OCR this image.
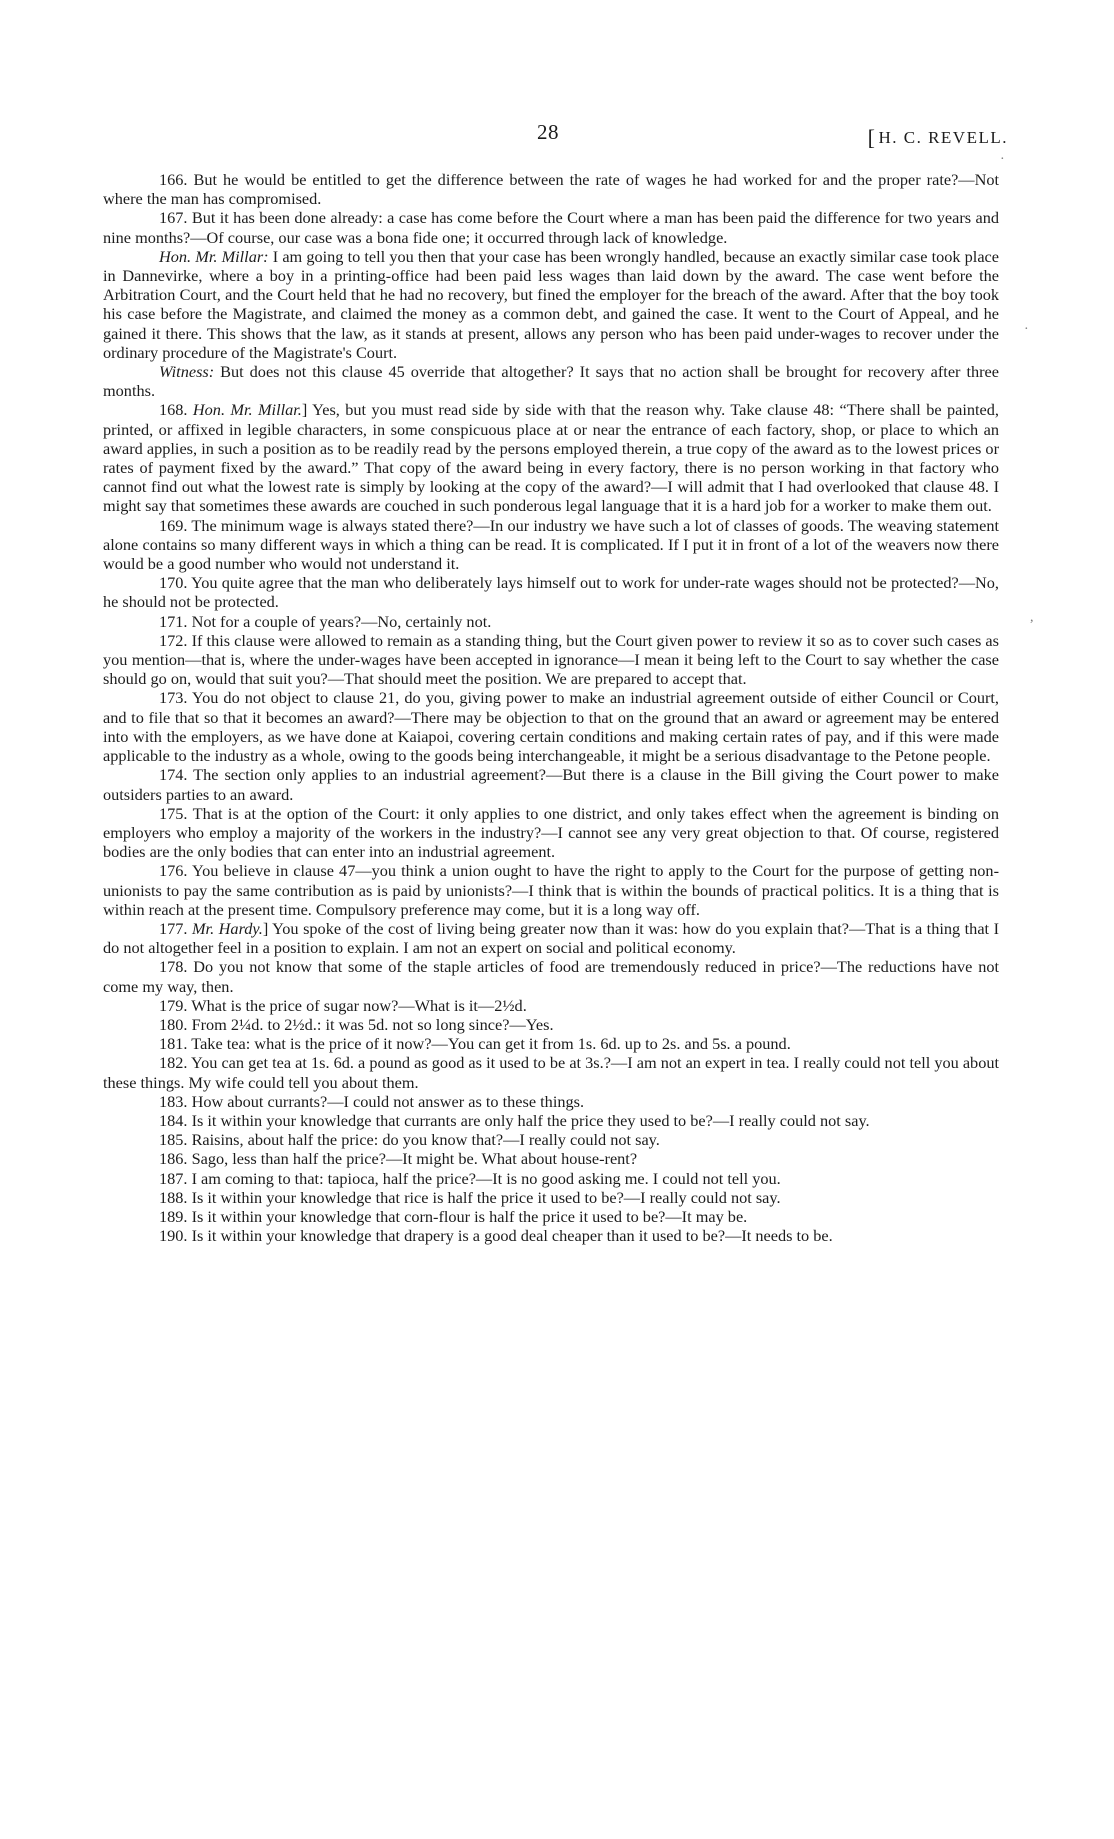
28	[ H. C. REVELL.
·
·
,

166. But he would be entitled to get the difference between the rate of wages he had worked for and the proper rate?—Not where the man has compromised.

167. But it has been done already: a case has come before the Court where a man has been paid the difference for two years and nine months?—Of course, our case was a bona fide one; it occurred through lack of knowledge.

Hon. Mr. Millar: I am going to tell you then that your case has been wrongly handled, because an exactly similar case took place in Dannevirke, where a boy in a printing-office had been paid less wages than laid down by the award. The case went before the Arbitration Court, and the Court held that he had no recovery, but fined the employer for the breach of the award. After that the boy took his case before the Magistrate, and claimed the money as a common debt, and gained the case. It went to the Court of Appeal, and he gained it there. This shows that the law, as it stands at present, allows any person who has been paid under-wages to recover under the ordinary procedure of the Magistrate's Court.

Witness: But does not this clause 45 override that altogether? It says that no action shall be brought for recovery after three months.

168. Hon. Mr. Millar.] Yes, but you must read side by side with that the reason why. Take clause 48: “There shall be painted, printed, or affixed in legible characters, in some conspicuous place at or near the entrance of each factory, shop, or place to which an award applies, in such a position as to be readily read by the persons employed therein, a true copy of the award as to the lowest prices or rates of payment fixed by the award.” That copy of the award being in every factory, there is no person working in that factory who cannot find out what the lowest rate is simply by looking at the copy of the award?—I will admit that I had overlooked that clause 48. I might say that sometimes these awards are couched in such ponderous legal language that it is a hard job for a worker to make them out.

169. The minimum wage is always stated there?—In our industry we have such a lot of classes of goods. The weaving statement alone contains so many different ways in which a thing can be read. It is complicated. If I put it in front of a lot of the weavers now there would be a good number who would not understand it.

170. You quite agree that the man who deliberately lays himself out to work for under-rate wages should not be protected?—No, he should not be protected.

171. Not for a couple of years?—No, certainly not.

172. If this clause were allowed to remain as a standing thing, but the Court given power to review it so as to cover such cases as you mention—that is, where the under-wages have been accepted in ignorance—I mean it being left to the Court to say whether the case should go on, would that suit you?—That should meet the position. We are prepared to accept that.

173. You do not object to clause 21, do you, giving power to make an industrial agreement outside of either Council or Court, and to file that so that it becomes an award?—There may be objection to that on the ground that an award or agreement may be entered into with the employers, as we have done at Kaiapoi, covering certain conditions and making certain rates of pay, and if this were made applicable to the industry as a whole, owing to the goods being interchangeable, it might be a serious disadvantage to the Petone people.

174. The section only applies to an industrial agreement?—But there is a clause in the Bill giving the Court power to make outsiders parties to an award.

175. That is at the option of the Court: it only applies to one district, and only takes effect when the agreement is binding on employers who employ a majority of the workers in the industry?—I cannot see any very great objection to that. Of course, registered bodies are the only bodies that can enter into an industrial agreement.

176. You believe in clause 47—you think a union ought to have the right to apply to the Court for the purpose of getting non-unionists to pay the same contribution as is paid by unionists?—I think that is within the bounds of practical politics. It is a thing that is within reach at the present time. Compulsory preference may come, but it is a long way off.

177. Mr. Hardy.] You spoke of the cost of living being greater now than it was: how do you explain that?—That is a thing that I do not altogether feel in a position to explain. I am not an expert on social and political economy.

178. Do you not know that some of the staple articles of food are tremendously reduced in price?—The reductions have not come my way, then.

179. What is the price of sugar now?—What is it—2½d.

180. From 2¼d. to 2½d.: it was 5d. not so long since?—Yes.

181. Take tea: what is the price of it now?—You can get it from 1s. 6d. up to 2s. and 5s. a pound.

182. You can get tea at 1s. 6d. a pound as good as it used to be at 3s.?—I am not an expert in tea. I really could not tell you about these things. My wife could tell you about them.

183. How about currants?—I could not answer as to these things.

184. Is it within your knowledge that currants are only half the price they used to be?—I really could not say.

185. Raisins, about half the price: do you know that?—I really could not say.

186. Sago, less than half the price?—It might be. What about house-rent?

187. I am coming to that: tapioca, half the price?—It is no good asking me. I could not tell you.

188. Is it within your knowledge that rice is half the price it used to be?—I really could not say.

189. Is it within your knowledge that corn-flour is half the price it used to be?—It may be.

190. Is it within your knowledge that drapery is a good deal cheaper than it used to be?—It needs to be.
